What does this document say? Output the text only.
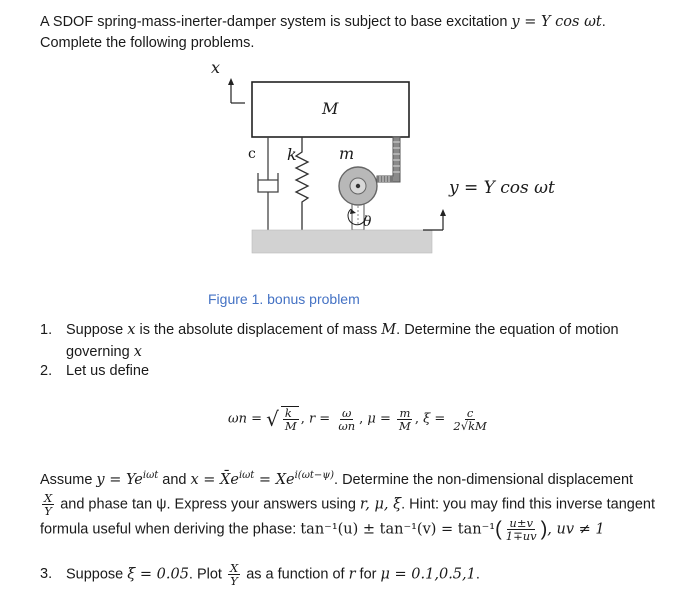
A SDOF spring-mass-inerter-damper system is subject to base excitation y = Y cos ωt.
Complete the following problems.
x
M
c k	m
θ
y = Y cos ωt
Figure 1. bonus problem
1. Suppose x is the absolute displacement of mass M. Determine the equation of motion
governing x
2. Let us define
ωn = √ $\frac{k}{M}$ , $r = \frac{\omega}{\omega n}$ , $\mu = \frac{m}{M}$ , $\xi = \frac{c}{2√kM}$
Assume $y = Ye^{i\omega t}$ and $x = X̄e^{i\omega t} = Xe^{i(\omega t-\psi)}$. Determine the non-dimensional displacement
$\frac{X}{Y}$ and phase tan ψ. Express your answers using r, μ, ξ. Hint: you may find this inverse tangent
formula useful when deriving the phase: $\tan^{-1}(u) \pm \tan^{-1}(v) = \tan^{-1}( \frac{u\pm v}{1\mp uv}$ ), uv ≠ 1
3. Suppose ξ = 0.05. Plot $\frac{X}{Y}$ as a function of r for μ = 0.1,0.5,1.
